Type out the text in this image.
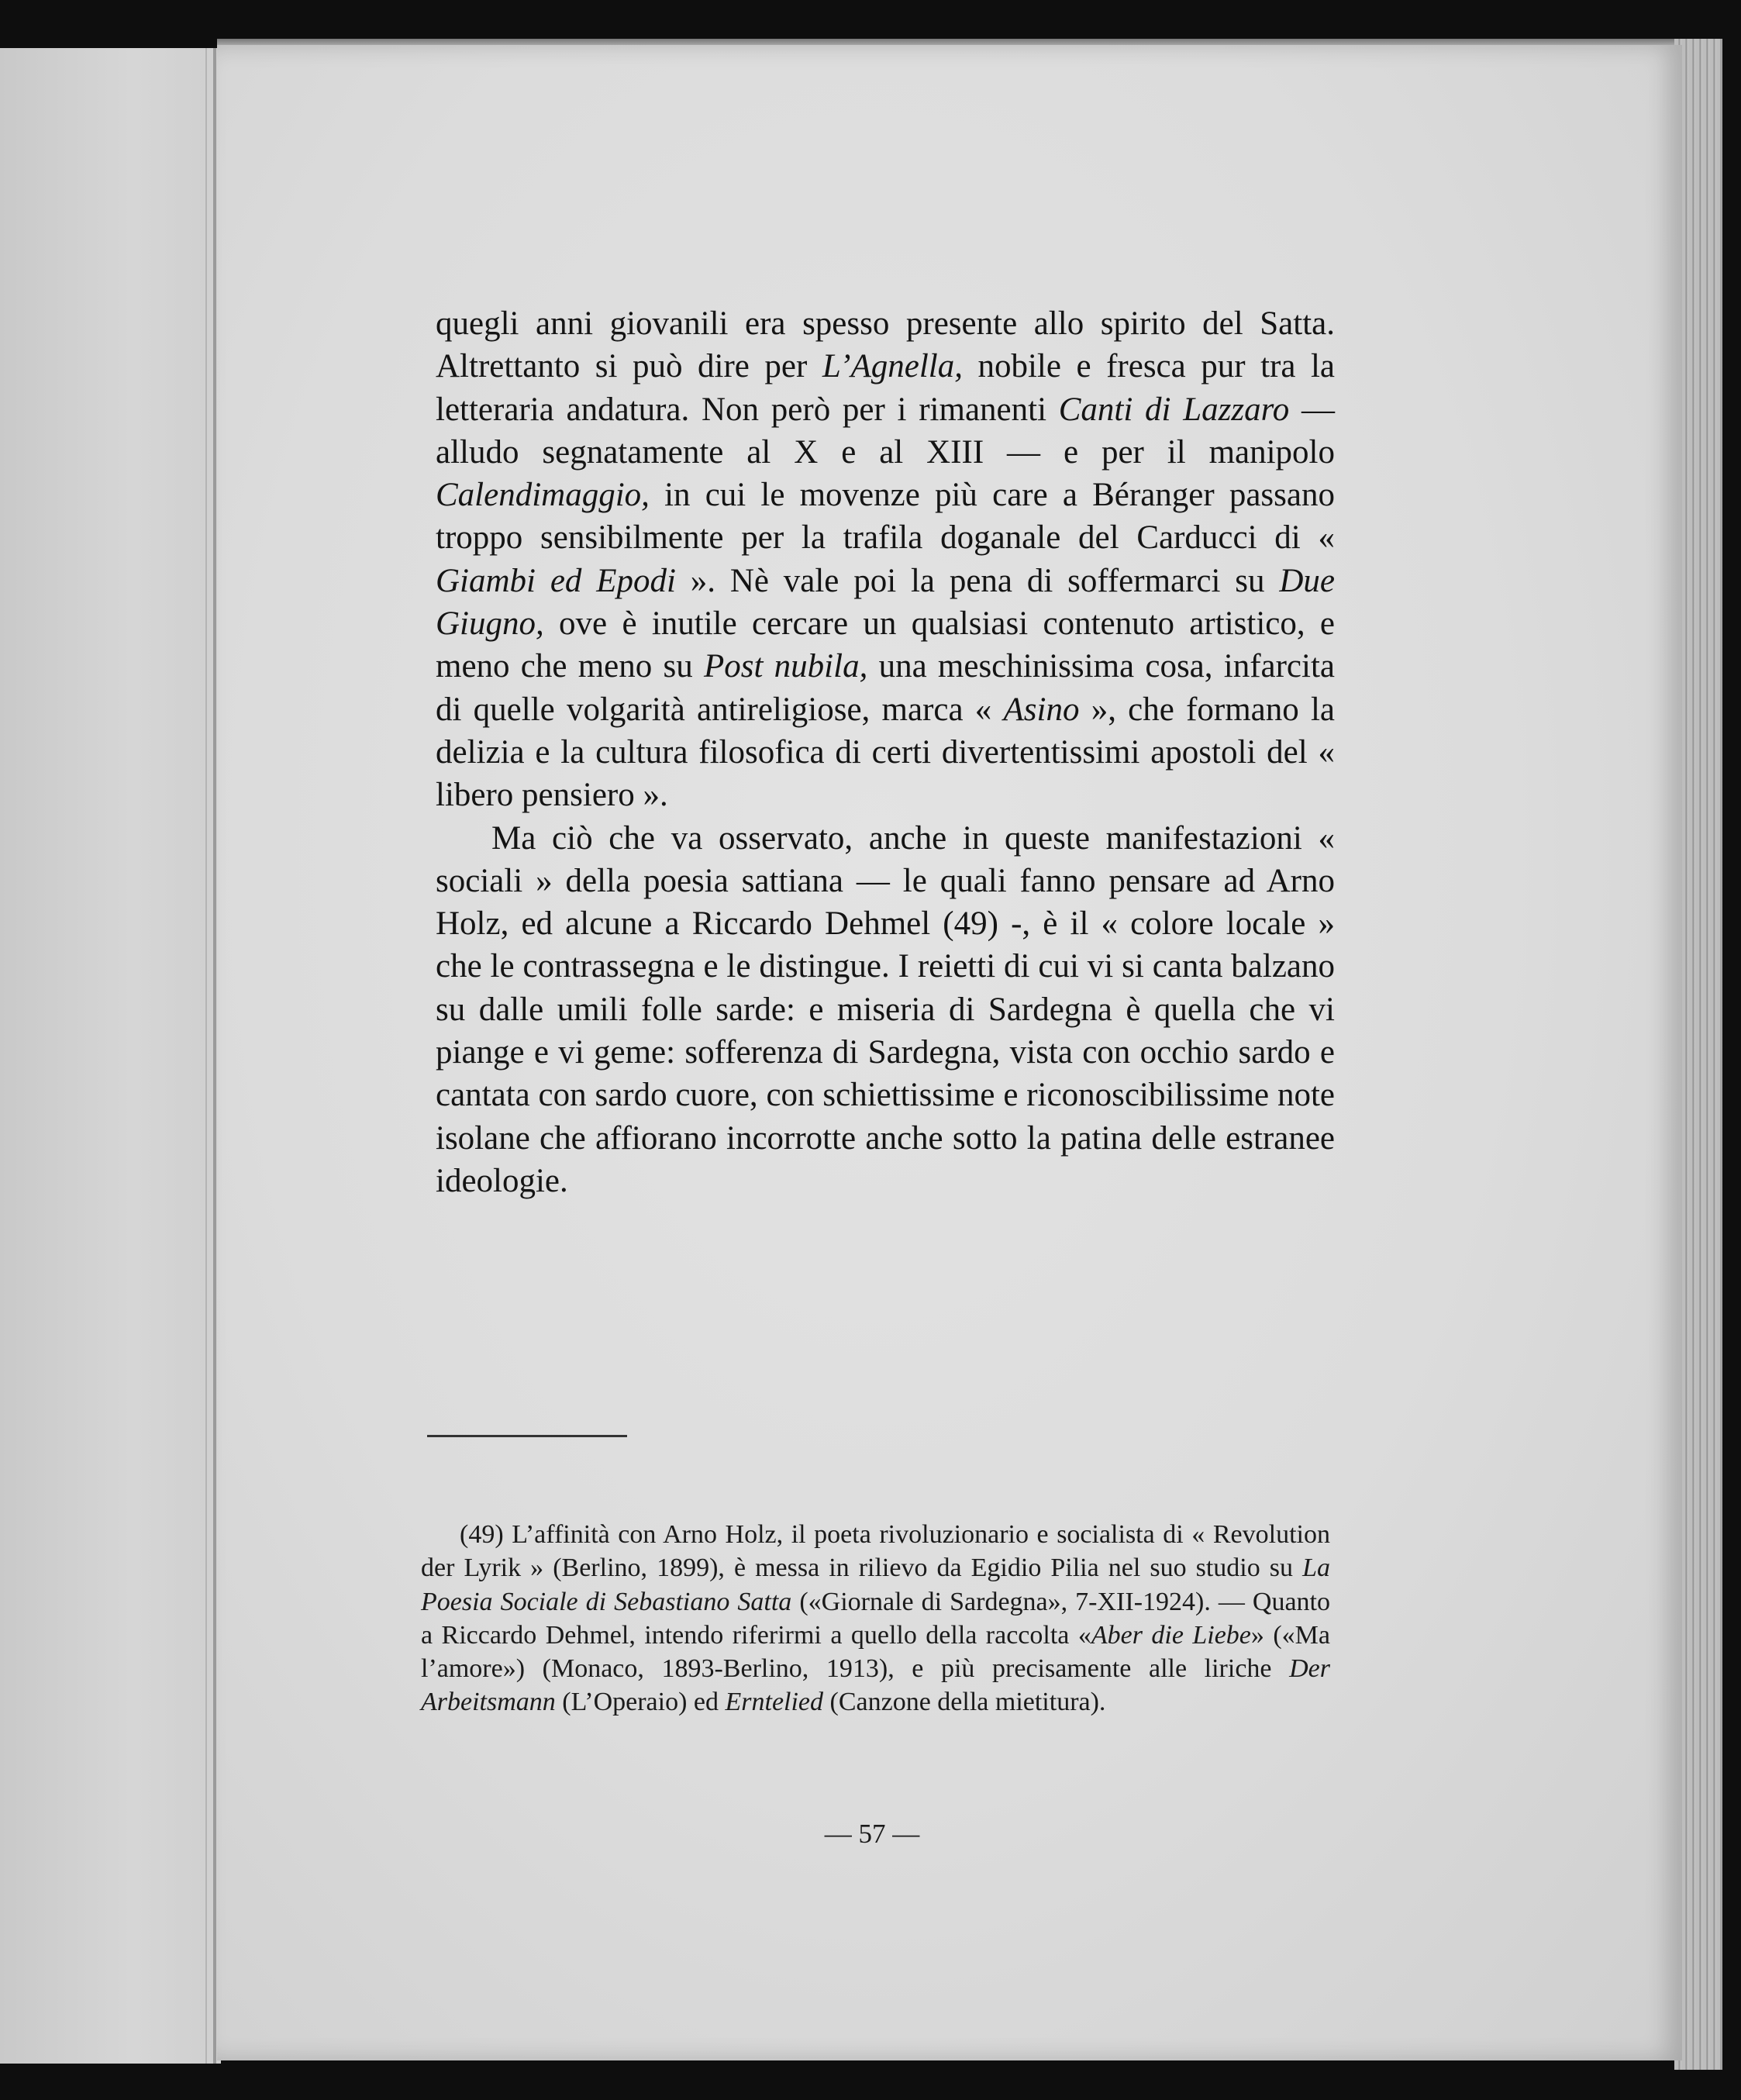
quegli anni giovanili era spesso presente allo spirito del Satta. Altrettanto si può dire per L’Agnella, nobile e fresca pur tra la letteraria andatura. Non però per i rimanenti Canti di Lazzaro — alludo segnatamente al X e al XIII — e per il manipolo Calendimaggio, in cui le movenze più care a Béranger passano troppo sensibilmente per la trafila doganale del Carducci di « Giambi ed Epodi ». Nè vale poi la pena di soffermarci su Due Giugno, ove è inutile cercare un qualsiasi contenuto artistico, e meno che meno su Post nubila, una meschinissima cosa, infarcita di quelle volgarità antireligiose, marca « Asino », che formano la delizia e la cultura filosofica di certi divertentissimi apostoli del « libero pensiero ».

Ma ciò che va osservato, anche in queste manifestazioni « sociali » della poesia sattiana — le quali fanno pensare ad Arno Holz, ed alcune a Riccardo Dehmel (49) -, è il « colore locale » che le contrassegna e le distingue. I reietti di cui vi si canta balzano su dalle umili folle sarde: e miseria di Sardegna è quella che vi piange e vi geme: sofferenza di Sardegna, vista con occhio sardo e cantata con sardo cuore, con schiettissime e riconoscibilissime note isolane che affiorano incorrotte anche sotto la patina delle estranee ideologie.

(49) L’affinità con Arno Holz, il poeta rivoluzionario e socialista di « Revolution der Lyrik » (Berlino, 1899), è messa in rilievo da Egidio Pilia nel suo studio su La Poesia Sociale di Sebastiano Satta («Giornale di Sardegna», 7-XII-1924). — Quanto a Riccardo Dehmel, intendo riferirmi a quello della raccolta «Aber die Liebe» («Ma l’amore») (Monaco, 1893-Berlino, 1913), e più precisamente alle liriche Der Arbeitsmann (L’Operaio) ed Erntelied (Canzone della mietitura).

— 57 —
